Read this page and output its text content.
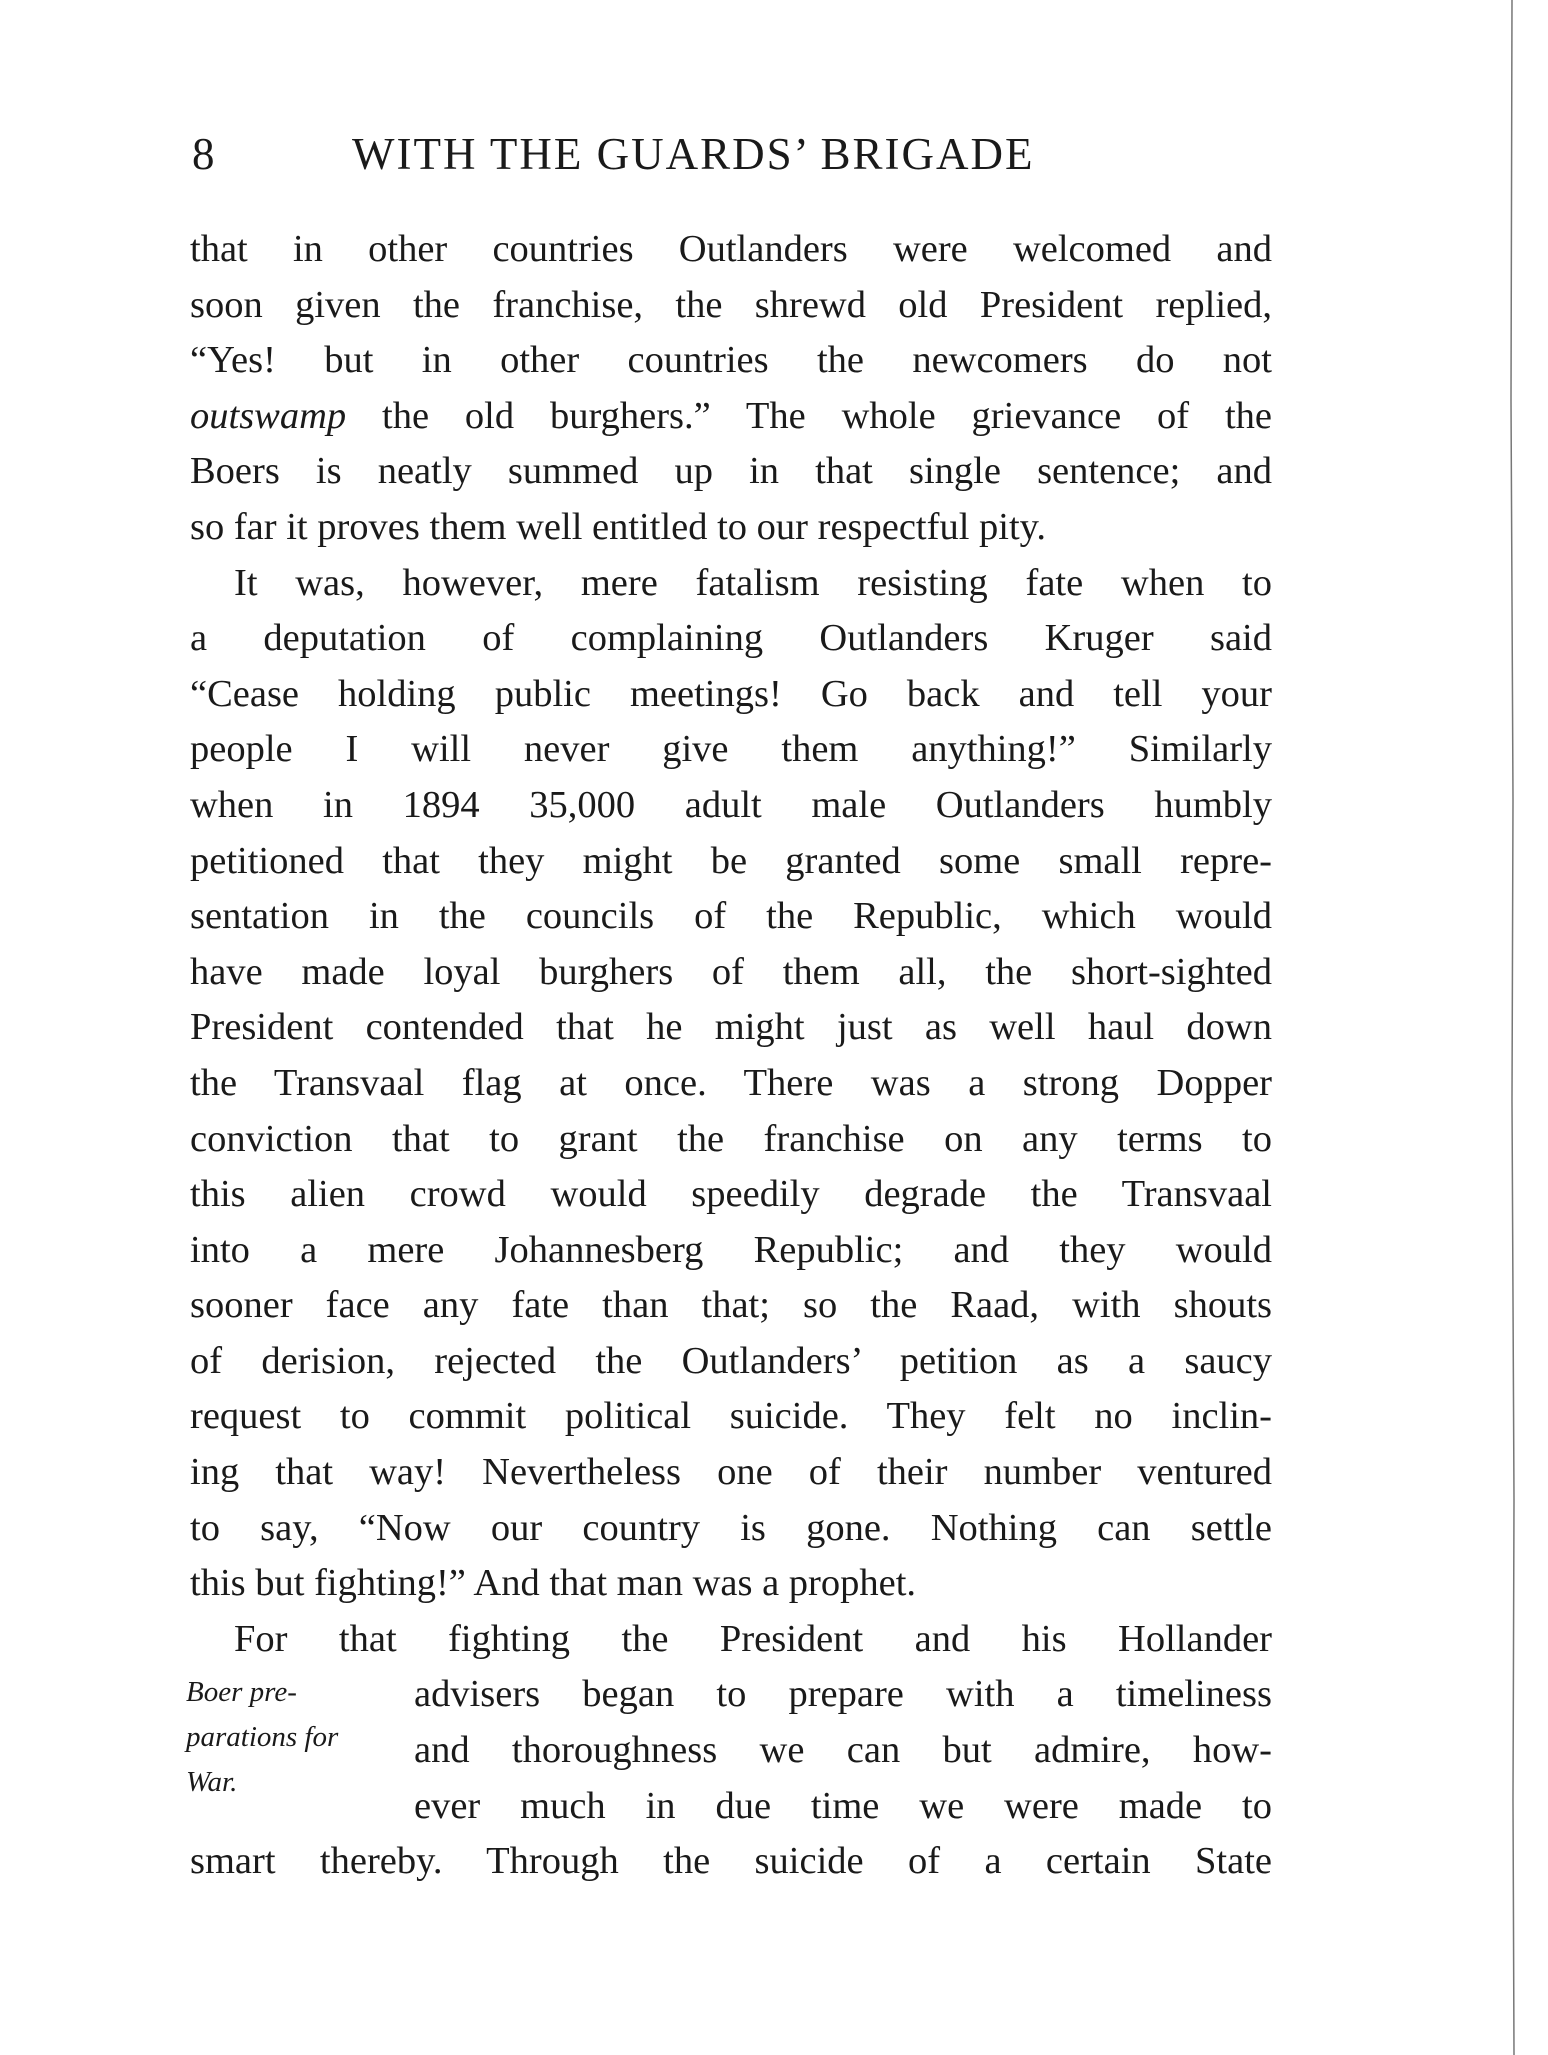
8	WITH THE GUARDS’ BRIGADE
that in other countries Outlanders were welcomed and
soon given the franchise, the shrewd old President replied,
“Yes! but in other countries the newcomers do not
outswamp the old burghers.” The whole grievance of the
Boers is neatly summed up in that single sentence; and
so far it proves them well entitled to our respectful pity.
It was, however, mere fatalism resisting fate when to
a deputation of complaining Outlanders Kruger said
“Cease holding public meetings! Go back and tell your
people I will never give them anything!” Similarly
when in 1894 35,000 adult male Outlanders humbly
petitioned that they might be granted some small repre-
sentation in the councils of the Republic, which would
have made loyal burghers of them all, the short-sighted
President contended that he might just as well haul down
the Transvaal flag at once. There was a strong Dopper
conviction that to grant the franchise on any terms to
this alien crowd would speedily degrade the Transvaal
into a mere Johannesberg Republic; and they would
sooner face any fate than that; so the Raad, with shouts
of derision, rejected the Outlanders’ petition as a saucy
request to commit political suicide. They felt no inclin-
ing that way! Nevertheless one of their number ventured
to say, “Now our country is gone. Nothing can settle
this but fighting!” And that man was a prophet.
For that fighting the President and his Hollander
advisers began to prepare with a timeliness
and thoroughness we can but admire, how-
ever much in due time we were made to
smart thereby. Through the suicide of a certain State
Boer pre-
parations for
War.
